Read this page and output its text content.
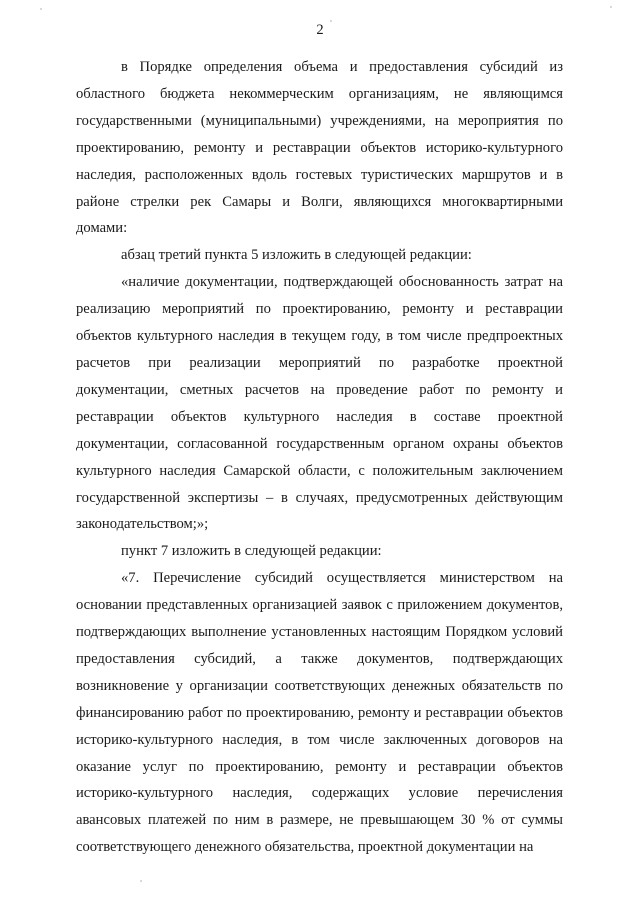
2

в Порядке определения объема и предоставления субсидий из областного бюджета некоммерческим организациям, не являющимся государственными (муниципальными) учреждениями, на мероприятия по проектированию, ремонту и реставрации объектов историко-культурного наследия, расположенных вдоль гостевых туристических маршрутов и в районе стрелки рек Самары и Волги, являющихся многоквартирными домами:

абзац третий пункта 5 изложить в следующей редакции:

«наличие документации, подтверждающей обоснованность затрат на реализацию мероприятий по проектированию, ремонту и реставрации объектов культурного наследия в текущем году, в том числе предпроектных расчетов при реализации мероприятий по разработке проектной документации, сметных расчетов на проведение работ по ремонту и реставрации объектов культурного наследия в составе проектной документации, согласованной государственным органом охраны объектов культурного наследия Самарской области, с положительным заключением государственной экспертизы – в случаях, предусмотренных действующим законодательством;»;

пункт 7 изложить в следующей редакции:

«7. Перечисление субсидий осуществляется министерством на основании представленных организацией заявок с приложением документов, подтверждающих выполнение установленных настоящим Порядком условий предоставления субсидий, а также документов, подтверждающих возникновение у организации соответствующих денежных обязательств по финансированию работ по проектированию, ремонту и реставрации объектов историко-культурного наследия, в том числе заключенных договоров на оказание услуг по проектированию, ремонту и реставрации объектов историко-культурного наследия, содержащих условие перечисления авансовых платежей по ним в размере, не превышающем 30 % от суммы соответствующего денежного обязательства, проектной документации на
